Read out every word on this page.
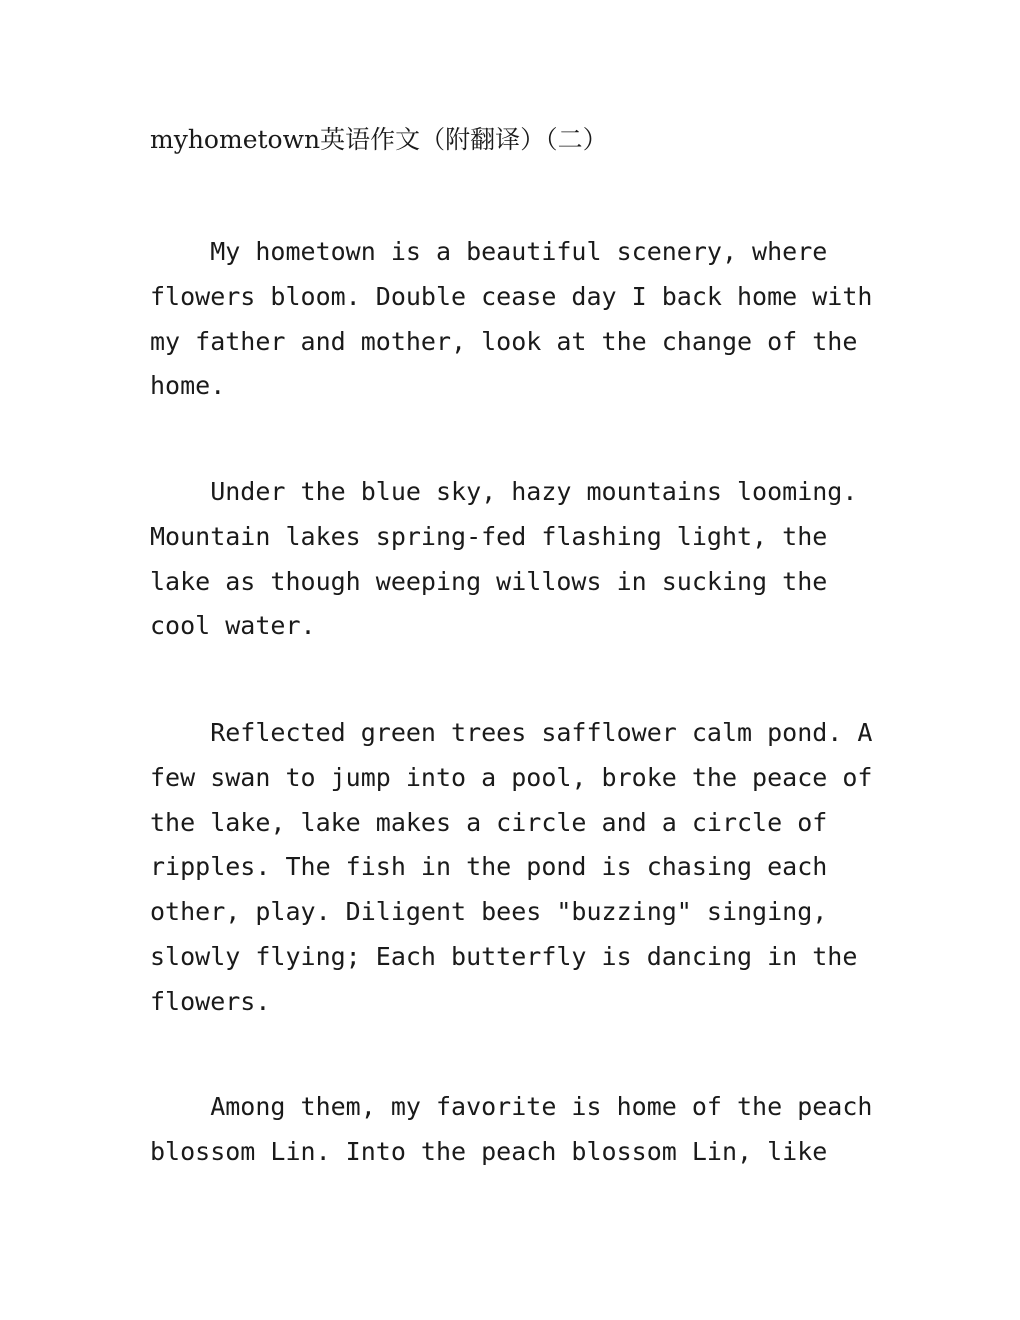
myhometown英语作文（附翻译）（二）

My hometown is a beautiful scenery, where
flowers bloom. Double cease day I back home with
my father and mother, look at the change of the
home.

Under the blue sky, hazy mountains looming.
Mountain lakes spring-fed flashing light, the
lake as though weeping willows in sucking the
cool water.

Reflected green trees safflower calm pond. A
few swan to jump into a pool, broke the peace of
the lake, lake makes a circle and a circle of
ripples. The fish in the pond is chasing each
other, play. Diligent bees "buzzing" singing,
slowly flying; Each butterfly is dancing in the
flowers.

Among them, my favorite is home of the peach
blossom Lin. Into the peach blossom Lin, like
